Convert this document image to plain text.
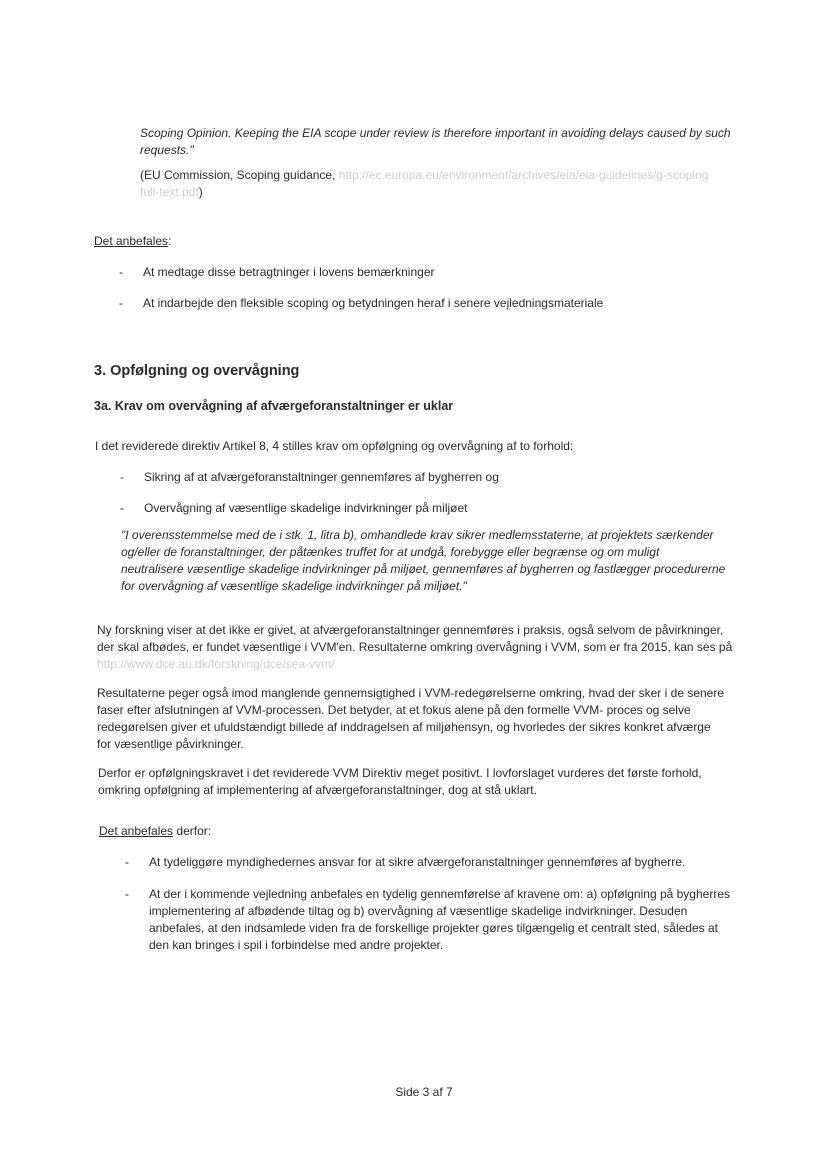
Scoping Opinion. Keeping the EIA scope under review is therefore important in avoiding delays caused by such
requests."
(EU Commission, Scoping guidance, http://ec.europa.eu/environment/archives/eia/eia-guidelines/g-scoping
full-text.pdf)
Det anbefales:
-	At medtage disse betragtninger i lovens bemærkninger
-	At indarbejde den fleksible scoping og betydningen heraf i senere vejledningsmateriale
3. Opfølgning og overvågning
3a. Krav om overvågning af afværgeforanstaltninger er uklar

I det reviderede direktiv Artikel 8, 4 stilles krav om opfølgning og overvågning af to forhold:

-	Sikring af at afværgeforanstaltninger gennemføres af bygherren og
-	Overvågning af væsentlige skadelige indvirkninger på miljøet
"I overensstemmelse med de i stk. 1, litra b), omhandlede krav sikrer medlemsstaterne, at projektets særkender
og/eller de foranstaltninger, der påtænkes truffet for at undgå, forebygge eller begrænse og om muligt
neutralisere væsentlige skadelige indvirkninger på miljøet, gennemføres af bygherren og fastlægger procedurerne
for overvågning af væsentlige skadelige indvirkninger på miljøet."
Ny forskning viser at det ikke er givet, at afværgeforanstaltninger gennemføres i praksis, også selvom de påvirkninger,
der skal afbødes, er fundet væsentlige i VVM'en. Resultaterne omkring overvågning i VVM, som er fra 2015, kan ses på
http://www.dce.au.dk/forskning/dce/sea-vvm/
Resultaterne peger også imod manglende gennemsigtighed i VVM-redegørelserne omkring, hvad der sker i de senere
faser efter afslutningen af VVM-processen. Det betyder, at et fokus alene på den formelle VVM- proces og selve
redegørelsen giver et ufuldstændigt billede af inddragelsen af miljøhensyn, og hvorledes der sikres konkret afværge
for væsentlige påvirkninger.
Derfor er opfølgningskravet i det reviderede VVM Direktiv meget positivt. I lovforslaget vurderes det første forhold,
omkring opfølgning af implementering af afværgeforanstaltninger, dog at stå uklart.
Det anbefales derfor:
-	At tydeliggøre myndighedernes ansvar for at sikre afværgeforanstaltninger gennemføres af bygherre.
- At der i kommende vejledning anbefales en tydelig gennemførelse af kravene om: a) opfølgning på bygherres
implementering af afbødende tiltag og b) overvågning af væsentlige skadelige indvirkninger. Desuden
anbefales, at den indsamlede viden fra de forskellige projekter gøres tilgængelig et centralt sted, således at
den kan bringes i spil i forbindelse med andre projekter.
Side 3 af 7
